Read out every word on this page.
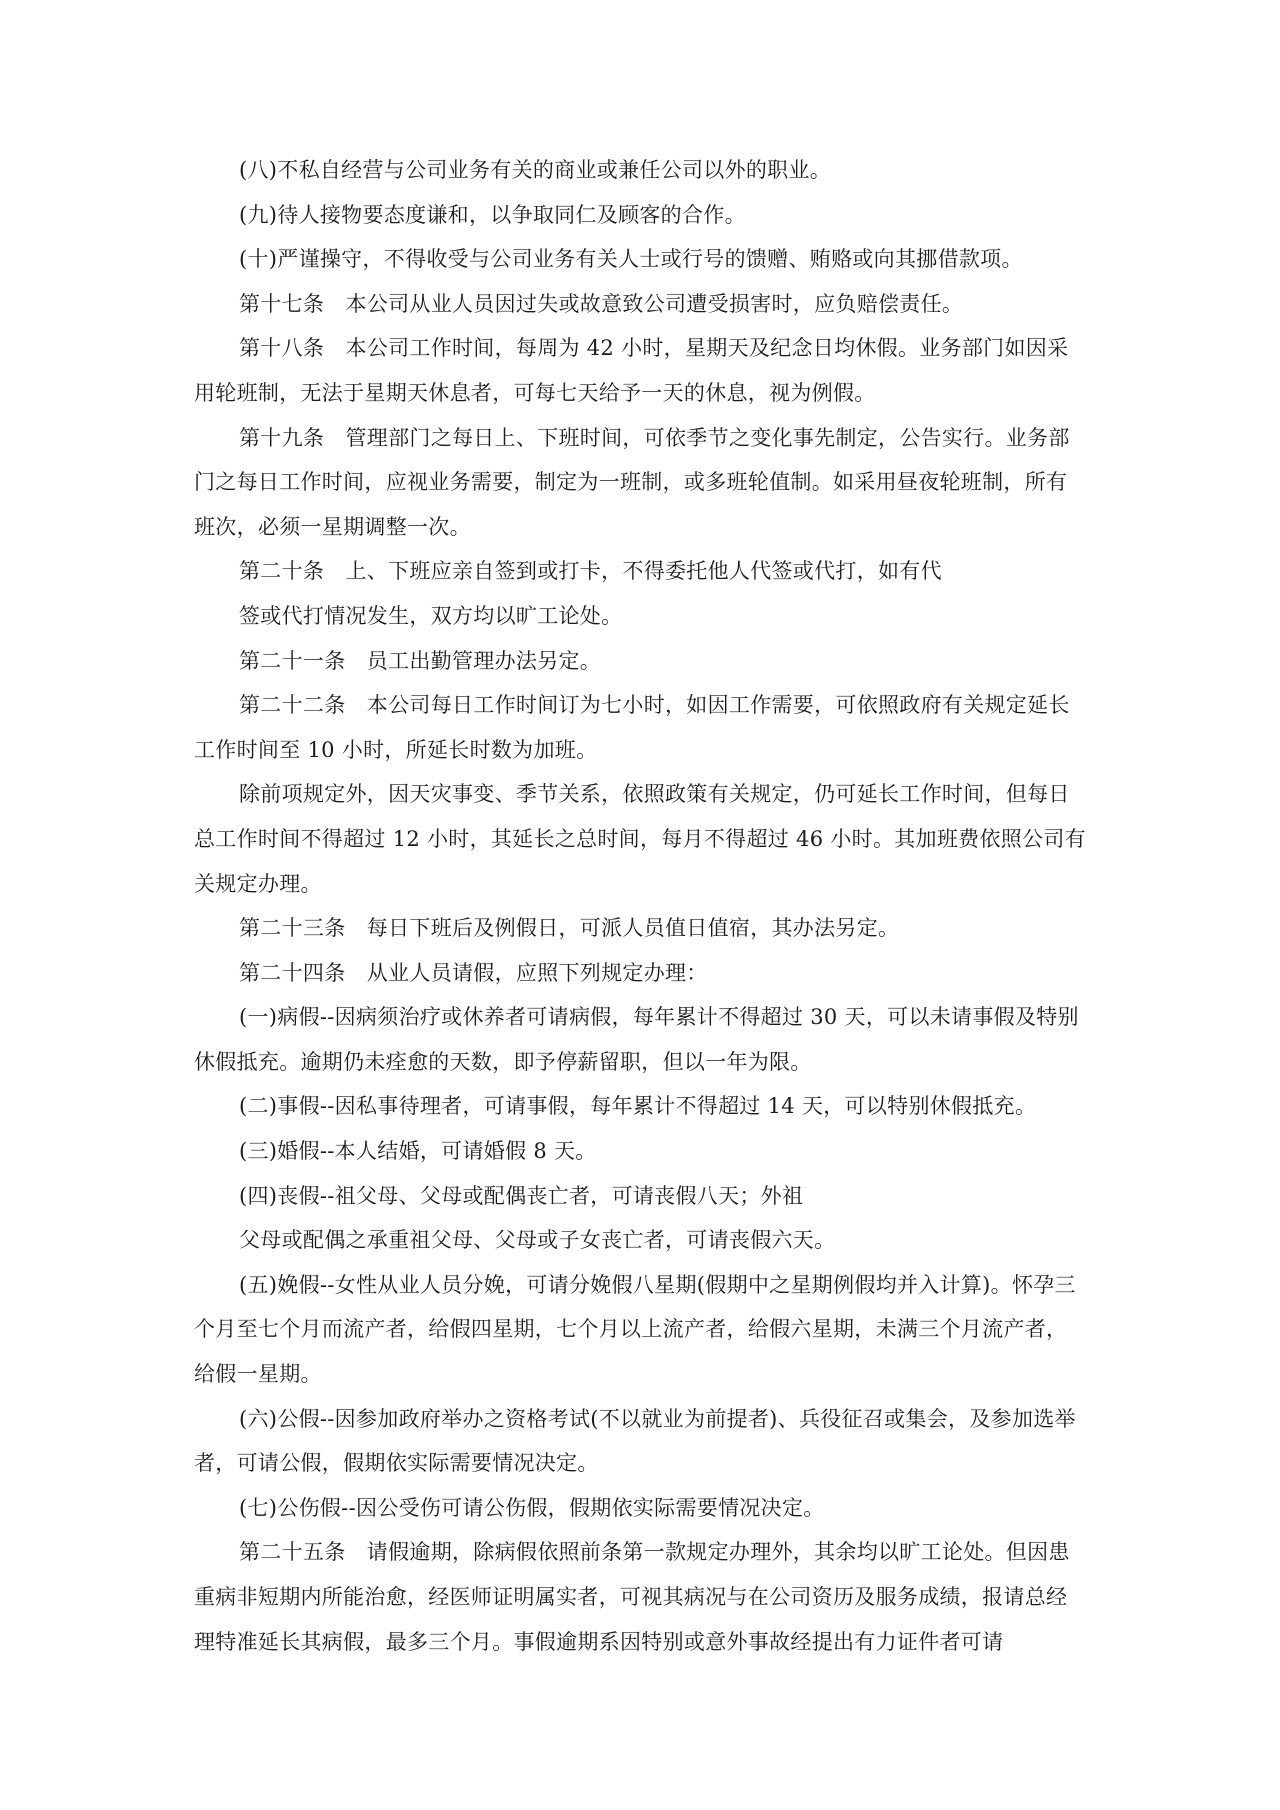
(八)不私自经营与公司业务有关的商业或兼任公司以外的职业。

(九)待人接物要态度谦和，以争取同仁及顾客的合作。

(十)严谨操守，不得收受与公司业务有关人士或行号的馈赠、贿赂或向其挪借款项。

第十七条　本公司从业人员因过失或故意致公司遭受损害时，应负赔偿责任。

第十八条　本公司工作时间，每周为 42 小时，星期天及纪念日均休假。业务部门如因采用轮班制，无法于星期天休息者，可每七天给予一天的休息，视为例假。

第十九条　管理部门之每日上、下班时间，可依季节之变化事先制定，公告实行。业务部门之每日工作时间，应视业务需要，制定为一班制，或多班轮值制。如采用昼夜轮班制，所有班次，必须一星期调整一次。

第二十条　上、下班应亲自签到或打卡，不得委托他人代签或代打，如有代

签或代打情况发生，双方均以旷工论处。

第二十一条　员工出勤管理办法另定。

第二十二条　本公司每日工作时间订为七小时，如因工作需要，可依照政府有关规定延长工作时间至 10 小时，所延长时数为加班。

除前项规定外，因天灾事变、季节关系，依照政策有关规定，仍可延长工作时间，但每日总工作时间不得超过 12 小时，其延长之总时间，每月不得超过 46 小时。其加班费依照公司有关规定办理。

第二十三条　每日下班后及例假日，可派人员值日值宿，其办法另定。

第二十四条　从业人员请假，应照下列规定办理：

(一)病假--因病须治疗或休养者可请病假，每年累计不得超过 30 天，可以未请事假及特别休假抵充。逾期仍未痊愈的天数，即予停薪留职，但以一年为限。

(二)事假--因私事待理者，可请事假，每年累计不得超过 14 天，可以特别休假抵充。

(三)婚假--本人结婚，可请婚假 8 天。

(四)丧假--祖父母、父母或配偶丧亡者，可请丧假八天；外祖

父母或配偶之承重祖父母、父母或子女丧亡者，可请丧假六天。

(五)娩假--女性从业人员分娩，可请分娩假八星期(假期中之星期例假均并入计算)。怀孕三个月至七个月而流产者，给假四星期，七个月以上流产者，给假六星期，未满三个月流产者，给假一星期。

(六)公假--因参加政府举办之资格考试(不以就业为前提者)、兵役征召或集会，及参加选举者，可请公假，假期依实际需要情况决定。

(七)公伤假--因公受伤可请公伤假，假期依实际需要情况决定。

第二十五条　请假逾期，除病假依照前条第一款规定办理外，其余均以旷工论处。但因患重病非短期内所能治愈，经医师证明属实者，可视其病况与在公司资历及服务成绩，报请总经理特准延长其病假，最多三个月。事假逾期系因特别或意外事故经提出有力证件者可请
